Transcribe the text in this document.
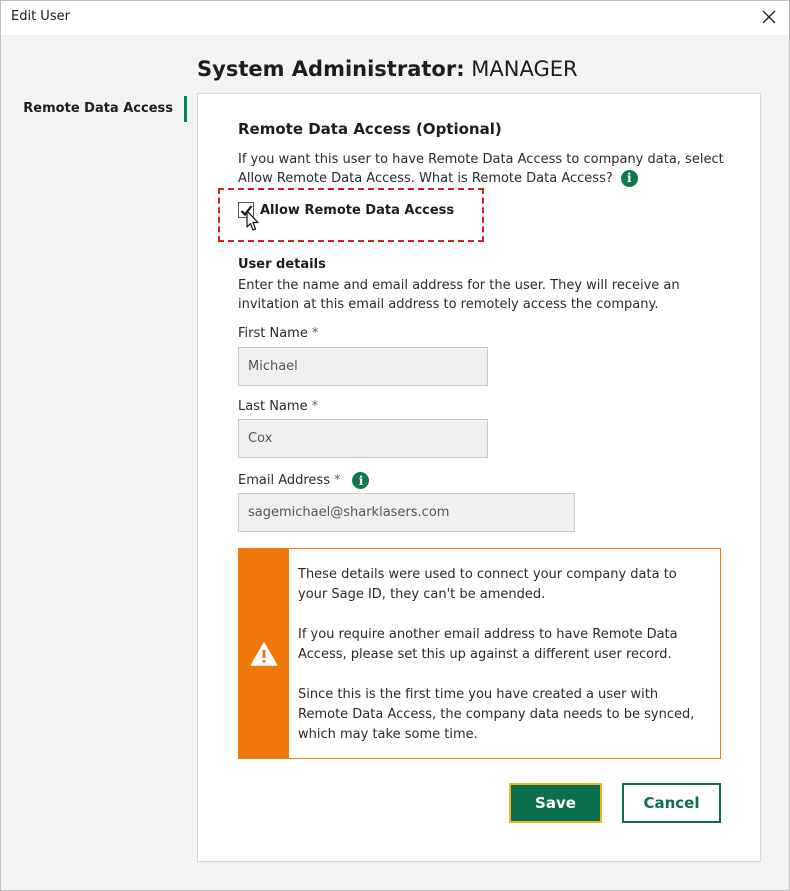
Edit User
System Administrator: MANAGER
Remote Data Access
Remote Data Access (Optional)
If you want this user to have Remote Data Access to company data, select Allow Remote Data Access. What is Remote Data Access? i
Allow Remote Data Access
User details
Enter the name and email address for the user. They will receive an invitation at this email address to remotely access the company.
First Name *
Michael
Last Name *
Cox
Email Address *	i
sagemichael@sharklasers.com

These details were used to connect your company data to your Sage ID, they can't be amended.

If you require another email address to have Remote Data Access, please set this up against a different user record.

Since this is the first time you have created a user with Remote Data Access, the company data needs to be synced, which may take some time.

Save	Cancel
